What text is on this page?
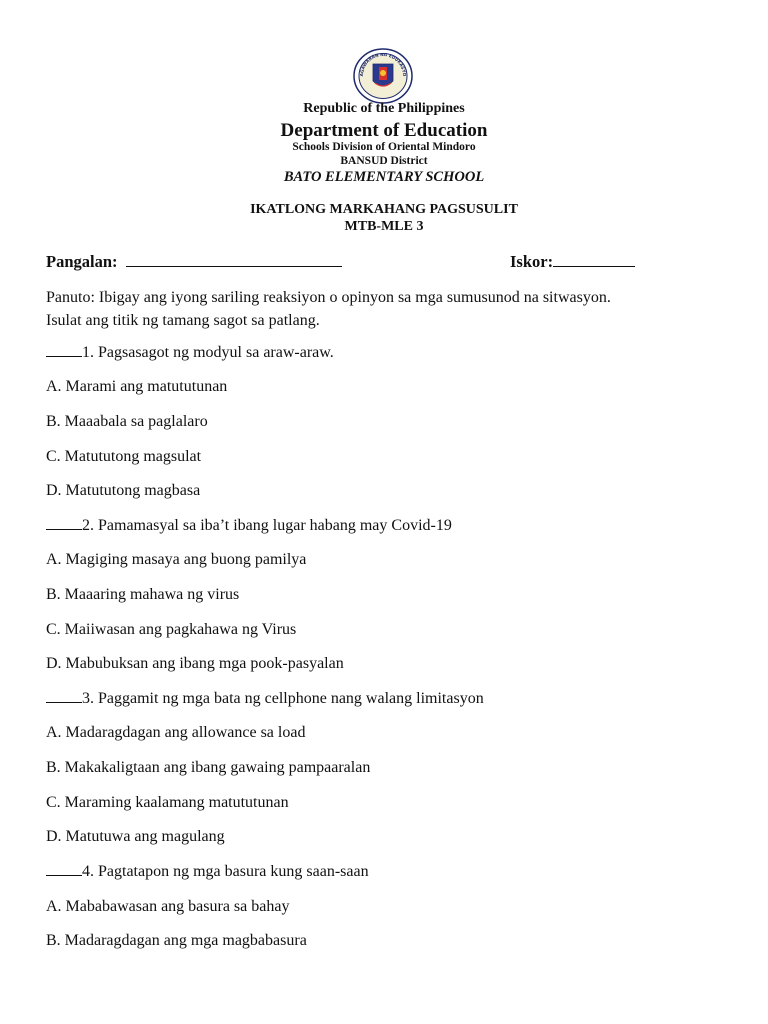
AGAWARAN NG EDUKASYO
Republic of the Philippines
Department of Education
Schools Division of Oriental Mindoro
BANSUD District
BATO ELEMENTARY SCHOOL
IKATLONG MARKAHANG PAGSUSULIT
MTB-MLE 3
Pangalan:	Iskor:
Panuto: Ibigay ang iyong sariling reaksiyon o opinyon sa mga sumusunod na sitwasyon.
Isulat ang titik ng tamang sagot sa patlang.
1. Pagsasagot ng modyul sa araw-araw.
A. Marami ang matututunan
B. Maaabala sa paglalaro
C. Matututong magsulat
D. Matututong magbasa
2. Pamamasyal sa iba’t ibang lugar habang may Covid-19
A. Magiging masaya ang buong pamilya
B. Maaaring mahawa ng virus
C. Maiiwasan ang pagkahawa ng Virus
D. Mabubuksan ang ibang mga pook-pasyalan
3. Paggamit ng mga bata ng cellphone nang walang limitasyon
A. Madaragdagan ang allowance sa load
B. Makakaligtaan ang ibang gawaing pampaaralan
C. Maraming kaalamang matututunan
D. Matutuwa ang magulang
4. Pagtatapon ng mga basura kung saan-saan
A. Mababawasan ang basura sa bahay
B. Madaragdagan ang mga magbabasura
